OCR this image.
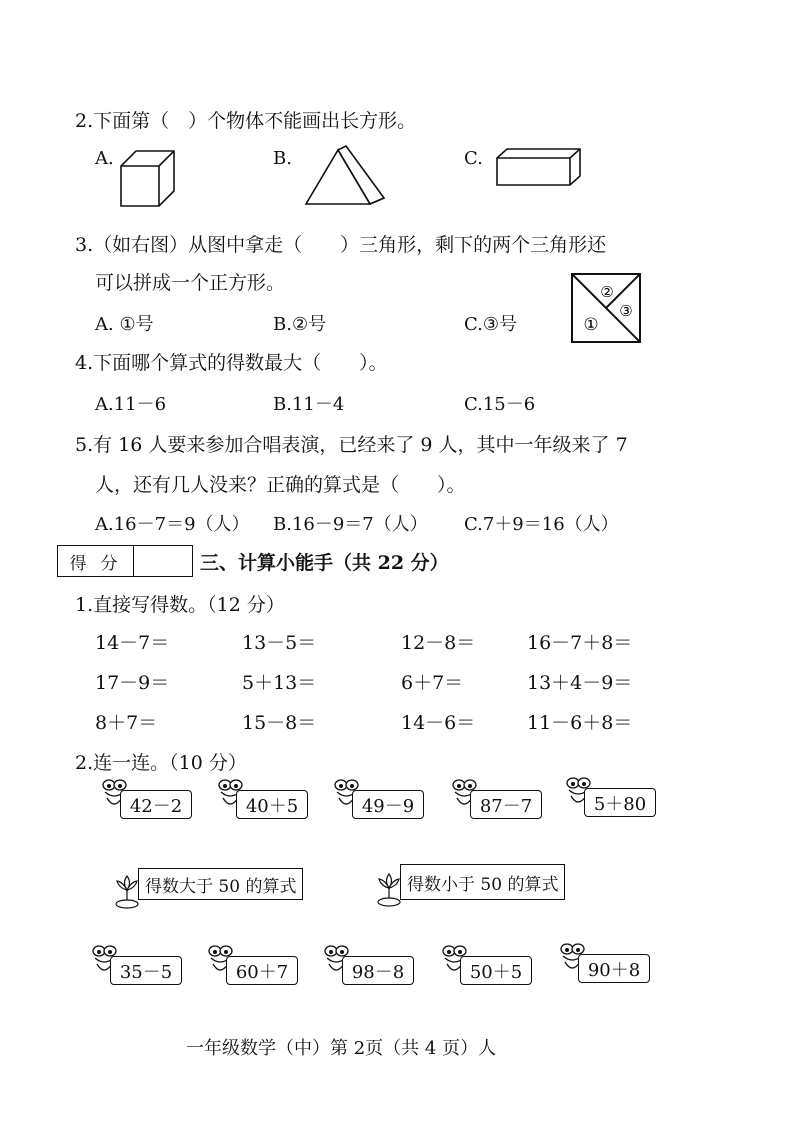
2.下面第（　）个物体不能画出长方形。
A.	B.	C.
3.（如右图）从图中拿走（　　）三角形，剩下的两个三角形还
可以拼成一个正方形。
A. ①号	B.②号	C.③号
②
③
①
4.下面哪个算式的得数最大（　　）。
A.11－6	B.11－4	C.15－6
5.有 16 人要来参加合唱表演，已经来了 9 人，其中一年级来了 7
人，还有几人没来？正确的算式是（　　）。
A.16－7＝9（人） B.16－9＝7（人） C.7＋9＝16（人）
得分	三、计算小能手（共 22 分）
1.直接写得数。（12 分）
14－7＝	13－5＝	12－8＝	16－7＋8＝
17－9＝	5＋13＝	6＋7＝	13＋4－9＝
8＋7＝	15－8＝	14－6＝	11－6＋8＝
2.连一连。（10 分）
42－2	40＋5	49－9	87－7	5＋80
得数大于 50 的算式	得数小于 50 的算式
35－5	60＋7	98－8	50＋5	90＋8
一年级数学（中）第 2页（共 4 页）人
